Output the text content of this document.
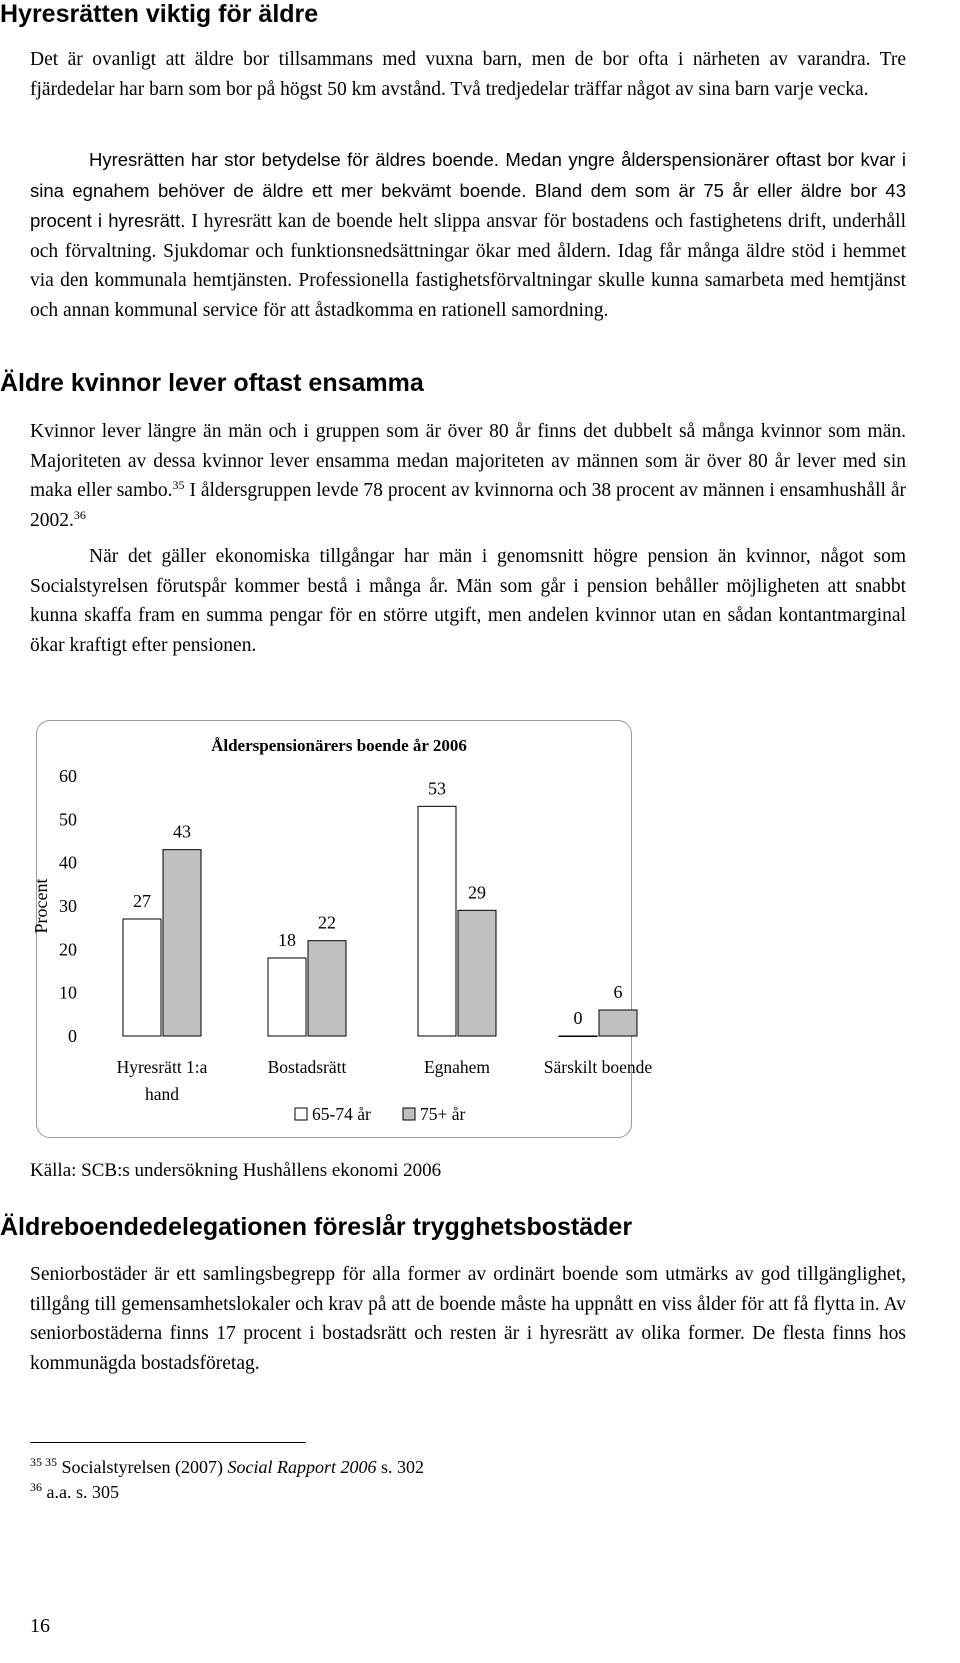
Hyresrätten viktig för äldre

Det är ovanligt att äldre bor tillsammans med vuxna barn, men de bor ofta i närheten av varandra. Tre fjärdedelar har barn som bor på högst 50 km avstånd. Två tredjedelar träffar något av sina barn varje vecka.

Hyresrätten har stor betydelse för äldres boende. Medan yngre ålderspensionärer oftast bor kvar i sina egnahem behöver de äldre ett mer bekvämt boende. Bland dem som är 75 år eller äldre bor 43 procent i hyresrätt. I hyresrätt kan de boende helt slippa ansvar för bostadens och fastighetens drift, underhåll och förvaltning. Sjukdomar och funktionsnedsättningar ökar med åldern. Idag får många äldre stöd i hemmet via den kommunala hemtjänsten. Professionella fastighetsförvaltningar skulle kunna samarbeta med hemtjänst och annan kommunal service för att åstadkomma en rationell samordning.

Äldre kvinnor lever oftast ensamma

Kvinnor lever längre än män och i gruppen som är över 80 år finns det dubbelt så många kvinnor som män. Majoriteten av dessa kvinnor lever ensamma medan majoriteten av männen som är över 80 år lever med sin maka eller sambo.$^{35}$ I åldersgruppen levde 78 procent av kvinnorna och 38 procent av männen i ensamhushåll år 2002.36

När det gäller ekonomiska tillgångar har män i genomsnitt högre pension än kvinnor, något som Socialstyrelsen förutspår kommer bestå i många år. Män som går i pension behåller möjligheten att snabbt kunna skaffa fram en summa pengar för en större utgift, men andelen kvinnor utan en sådan kontantmarginal ökar kraftigt efter pensionen.

Ålderspensionärers boende år 2006
Procent
0
10
20
30
40
50
60
27
43
18
22
53
29
0
6
Hyresrätt 1:a
hand
Bostadsrätt	Egnahem	Särskilt boende
65-74 år	75+ år
Källa: SCB:s undersökning Hushållens ekonomi 2006
Äldreboendedelegationen föreslår trygghetsbostäder

Seniorbostäder är ett samlingsbegrepp för alla former av ordinärt boende som utmärks av god tillgänglighet, tillgång till gemensamhetslokaler och krav på att de boende måste ha uppnått en viss ålder för att få flytta in. Av seniorbostäderna finns 17 procent i bostadsrätt och resten är i hyresrätt av olika former. De flesta finns hos kommunägda bostadsföretag.

$^{35 35}$ Socialstyrelsen (2007) Social Rapport 2006 s. 302
$^{36}$ a.a. s. 305
16
